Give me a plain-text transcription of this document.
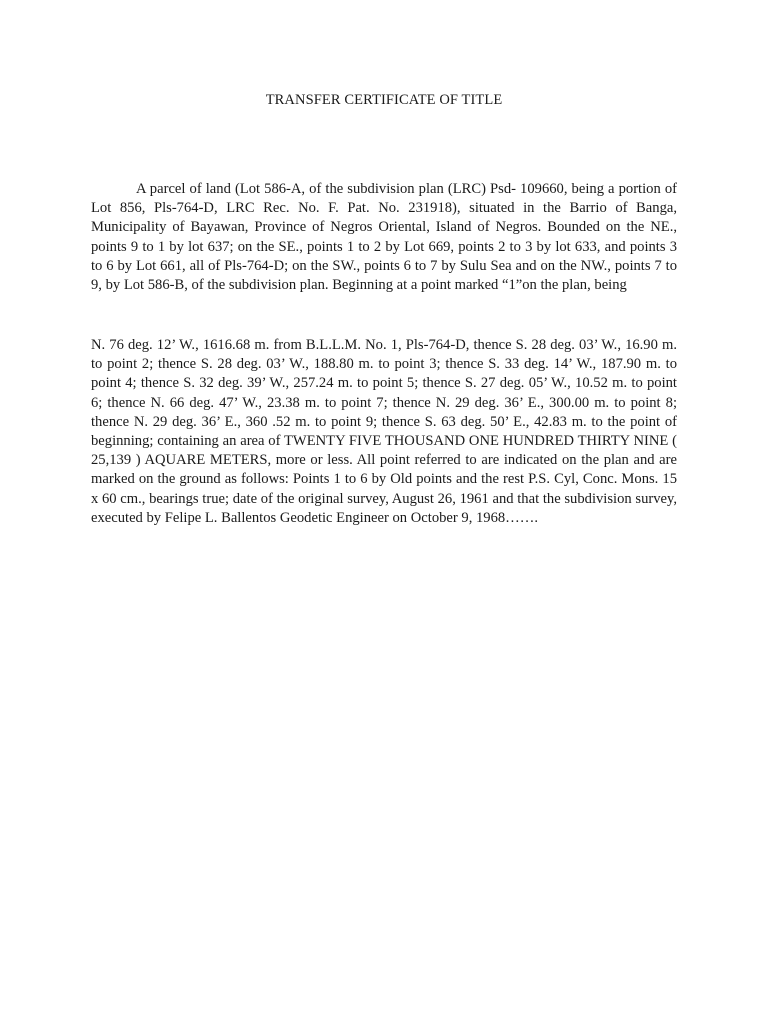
TRANSFER CERTIFICATE OF TITLE
A parcel of land (Lot 586-A, of the subdivision plan (LRC) Psd- 109660, being a portion of Lot 856, Pls-764-D, LRC Rec. No. F. Pat. No. 231918), situated in the Barrio of Banga, Municipality of Bayawan, Province of Negros Oriental, Island of Negros. Bounded on the NE., points 9 to 1 by lot 637; on the SE., points 1 to 2 by Lot 669, points 2 to 3 by lot 633, and points 3 to 6 by Lot 661, all of Pls-764-D; on the SW., points 6 to 7 by Sulu Sea and on the NW., points 7 to 9, by Lot 586-B, of the subdivision plan. Beginning at a point marked “1”on the plan, being
N. 76 deg. 12’ W., 1616.68 m. from B.L.L.M. No. 1, Pls-764-D, thence S. 28 deg. 03’ W., 16.90 m. to point 2; thence S. 28 deg. 03’ W., 188.80 m. to point 3; thence S. 33 deg. 14’ W., 187.90 m. to point 4; thence S. 32 deg. 39’ W., 257.24 m. to point 5; thence S. 27 deg. 05’ W., 10.52 m. to point 6; thence N. 66 deg. 47’ W., 23.38 m. to point 7; thence N. 29 deg. 36’ E., 300.00 m. to point 8; thence N. 29 deg. 36’ E., 360 .52 m. to point 9; thence S. 63 deg. 50’ E., 42.83 m. to the point of beginning; containing an area of TWENTY FIVE THOUSAND ONE HUNDRED THIRTY NINE ( 25,139 ) AQUARE METERS, more or less. All point referred to are indicated on the plan and are marked on the ground as follows: Points 1 to 6 by Old points and the rest P.S. Cyl, Conc. Mons. 15 x 60 cm., bearings true; date of the original survey, August 26, 1961 and that the subdivision survey, executed by Felipe L. Ballentos Geodetic Engineer on October 9, 1968…….
